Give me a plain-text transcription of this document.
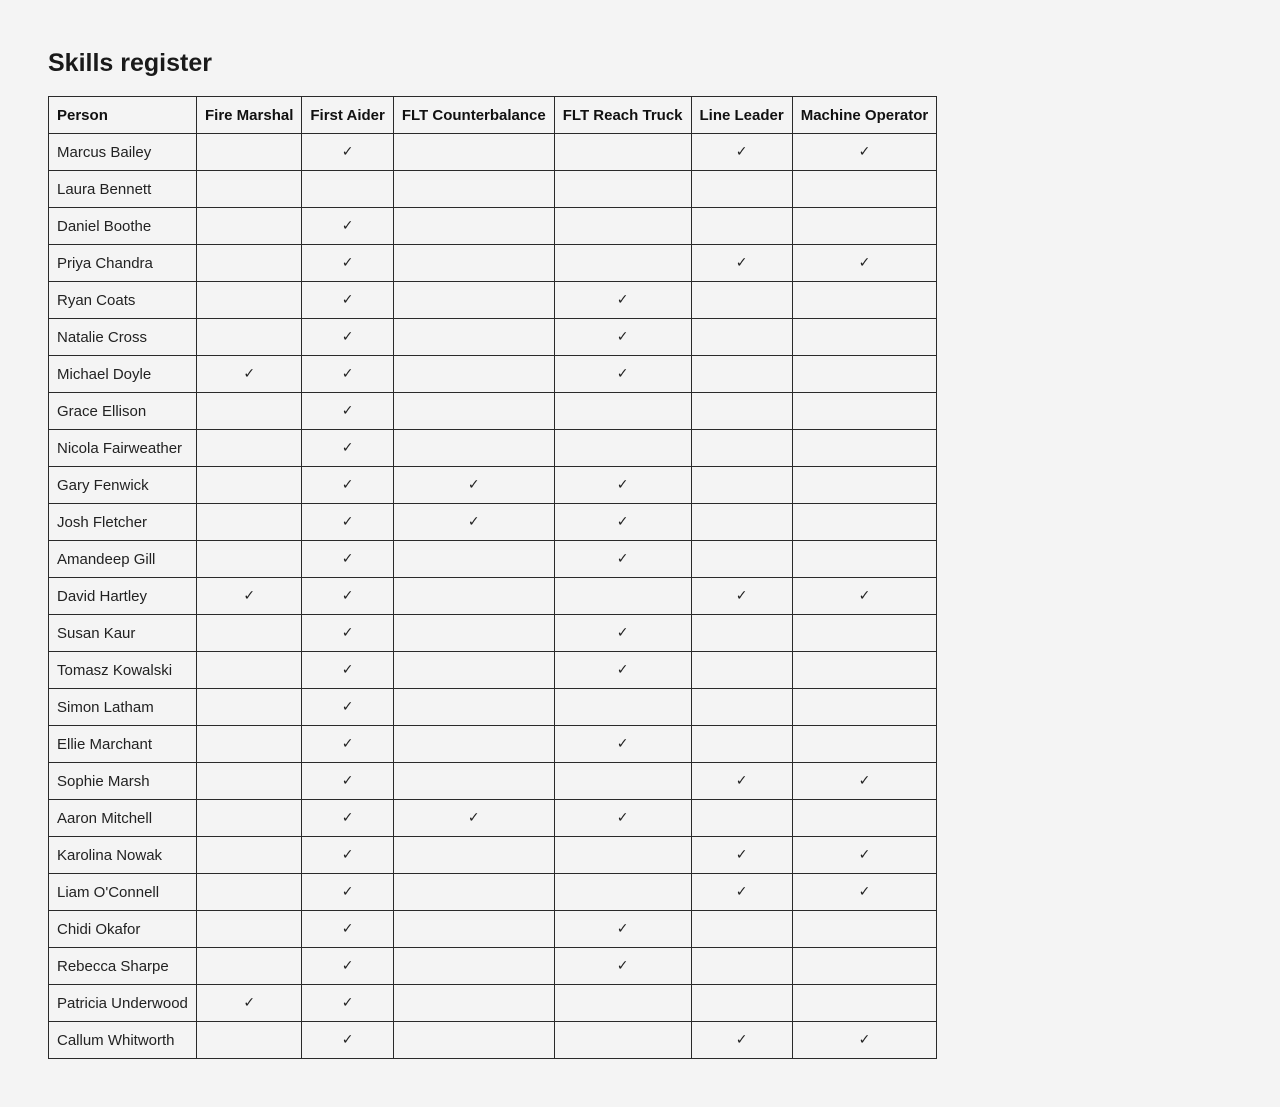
Skills register
Person	Fire Marshal	First Aider	FLT Counterbalance	FLT Reach Truck	Line Leader	Machine Operator
Marcus Bailey		✓			✓	✓
Laura Bennett						
Daniel Boothe		✓				
Priya Chandra		✓			✓	✓
Ryan Coats		✓		✓		
Natalie Cross		✓		✓		
Michael Doyle	✓	✓		✓		
Grace Ellison		✓				
Nicola Fairweather		✓				
Gary Fenwick		✓	✓	✓		
Josh Fletcher		✓	✓	✓		
Amandeep Gill		✓		✓		
David Hartley	✓	✓			✓	✓
Susan Kaur		✓		✓		
Tomasz Kowalski		✓		✓		
Simon Latham		✓				
Ellie Marchant		✓		✓		
Sophie Marsh		✓			✓	✓
Aaron Mitchell		✓	✓	✓		
Karolina Nowak		✓			✓	✓
Liam O'Connell		✓			✓	✓
Chidi Okafor		✓		✓		
Rebecca Sharpe		✓		✓		
Patricia Underwood	✓	✓				
Callum Whitworth		✓			✓	✓
